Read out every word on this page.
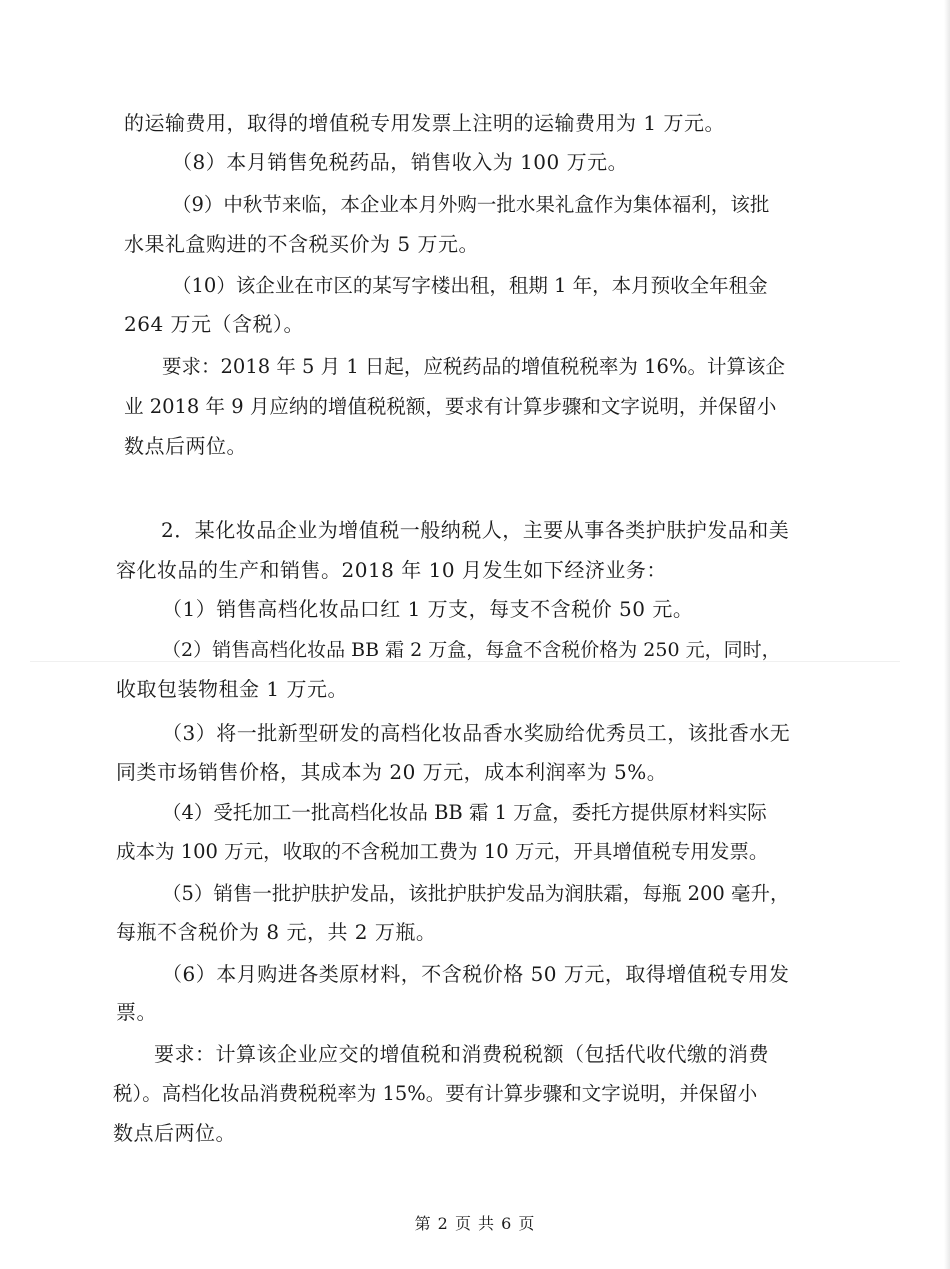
的运输费用，取得的增值税专用发票上注明的运输费用为 1 万元。
（8）本月销售免税药品，销售收入为 100 万元。
（9）中秋节来临，本企业本月外购一批水果礼盒作为集体福利，该批
水果礼盒购进的不含税买价为 5 万元。
（10）该企业在市区的某写字楼出租，租期 1 年，本月预收全年租金
264 万元（含税）。
要求：2018 年 5 月 1 日起，应税药品的增值税税率为 16%。计算该企
业 2018 年 9 月应纳的增值税税额，要求有计算步骤和文字说明，并保留小
数点后两位。
2．某化妆品企业为增值税一般纳税人，主要从事各类护肤护发品和美
容化妆品的生产和销售。2018 年 10 月发生如下经济业务：
（1）销售高档化妆品口红 1 万支，每支不含税价 50 元。
（2）销售高档化妆品 BB 霜 2 万盒，每盒不含税价格为 250 元，同时，
收取包装物租金 1 万元。
（3）将一批新型研发的高档化妆品香水奖励给优秀员工，该批香水无
同类市场销售价格，其成本为 20 万元，成本利润率为 5%。
（4）受托加工一批高档化妆品 BB 霜 1 万盒，委托方提供原材料实际
成本为 100 万元，收取的不含税加工费为 10 万元，开具增值税专用发票。
（5）销售一批护肤护发品，该批护肤护发品为润肤霜，每瓶 200 毫升，
每瓶不含税价为 8 元，共 2 万瓶。
（6）本月购进各类原材料，不含税价格 50 万元，取得增值税专用发
票。
要求：计算该企业应交的增值税和消费税税额（包括代收代缴的消费
税）。高档化妆品消费税税率为 15%。要有计算步骤和文字说明，并保留小
数点后两位。
第 2 页 共 6 页
